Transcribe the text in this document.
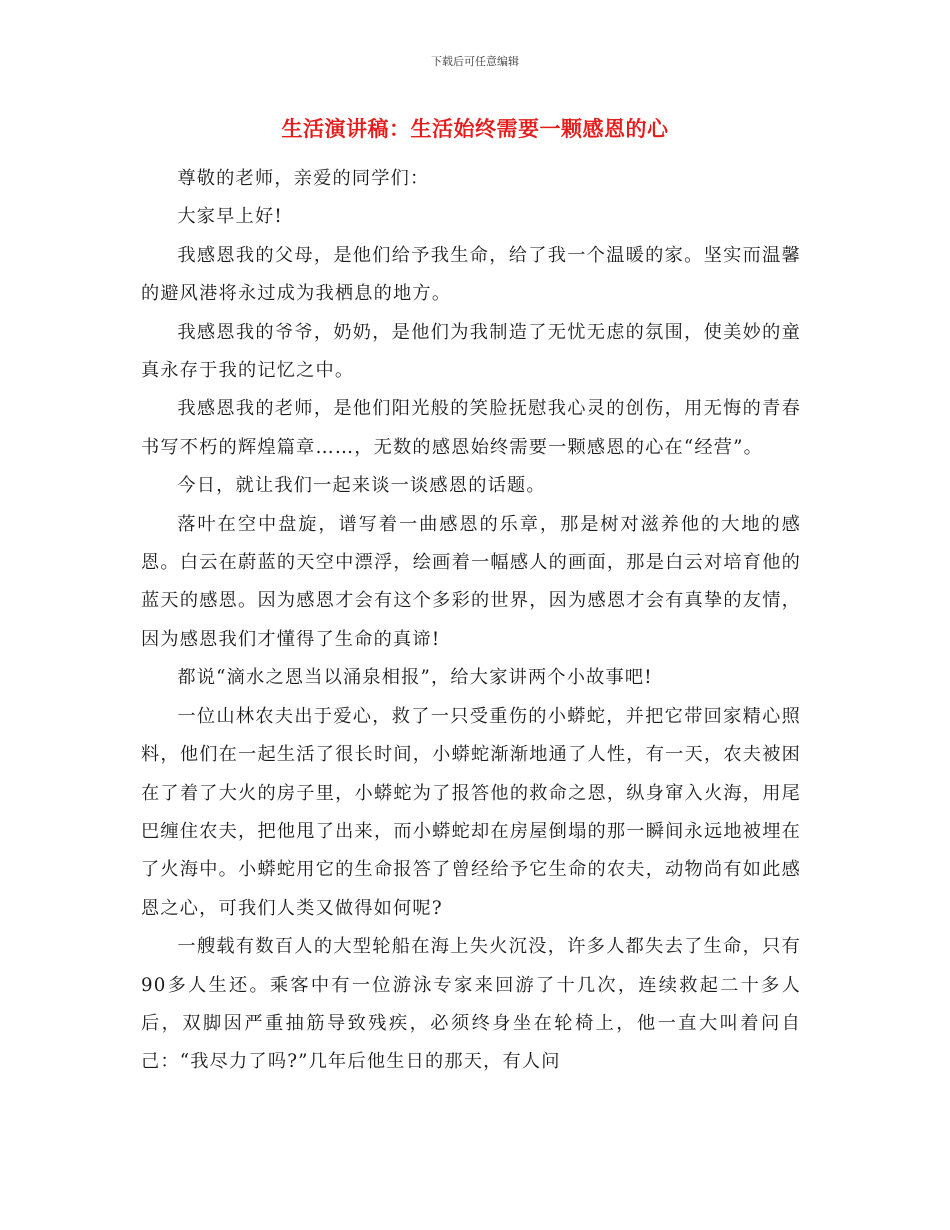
下载后可任意编辑
生活演讲稿：生活始终需要一颗感恩的心

尊敬的老师，亲爱的同学们：

大家早上好!

我感恩我的父母，是他们给予我生命，给了我一个温暖的家。坚实而温馨的避风港将永过成为我栖息的地方。

我感恩我的爷爷，奶奶，是他们为我制造了无忧无虑的氛围，使美妙的童真永存于我的记忆之中。

我感恩我的老师，是他们阳光般的笑脸抚慰我心灵的创伤，用无悔的青春书写不朽的辉煌篇章……，无数的感恩始终需要一颗感恩的心在“经营”。

今日，就让我们一起来谈一谈感恩的话题。

落叶在空中盘旋，谱写着一曲感恩的乐章，那是树对滋养他的大地的感恩。白云在蔚蓝的天空中漂浮，绘画着一幅感人的画面，那是白云对培育他的蓝天的感恩。因为感恩才会有这个多彩的世界，因为感恩才会有真挚的友情，因为感恩我们才懂得了生命的真谛!

都说“滴水之恩当以涌泉相报”，给大家讲两个小故事吧!

一位山林农夫出于爱心，救了一只受重伤的小蟒蛇，并把它带回家精心照料，他们在一起生活了很长时间，小蟒蛇渐渐地通了人性，有一天，农夫被困在了着了大火的房子里，小蟒蛇为了报答他的救命之恩，纵身窜入火海，用尾巴缠住农夫，把他甩了出来，而小蟒蛇却在房屋倒塌的那一瞬间永远地被埋在了火海中。小蟒蛇用它的生命报答了曾经给予它生命的农夫，动物尚有如此感恩之心，可我们人类又做得如何呢?

一艘载有数百人的大型轮船在海上失火沉没，许多人都失去了生命，只有90多人生还。乘客中有一位游泳专家来回游了十几次，连续救起二十多人后，双脚因严重抽筋导致残疾，必须终身坐在轮椅上，他一直大叫着问自己：“我尽力了吗?”几年后他生日的那天，有人问
